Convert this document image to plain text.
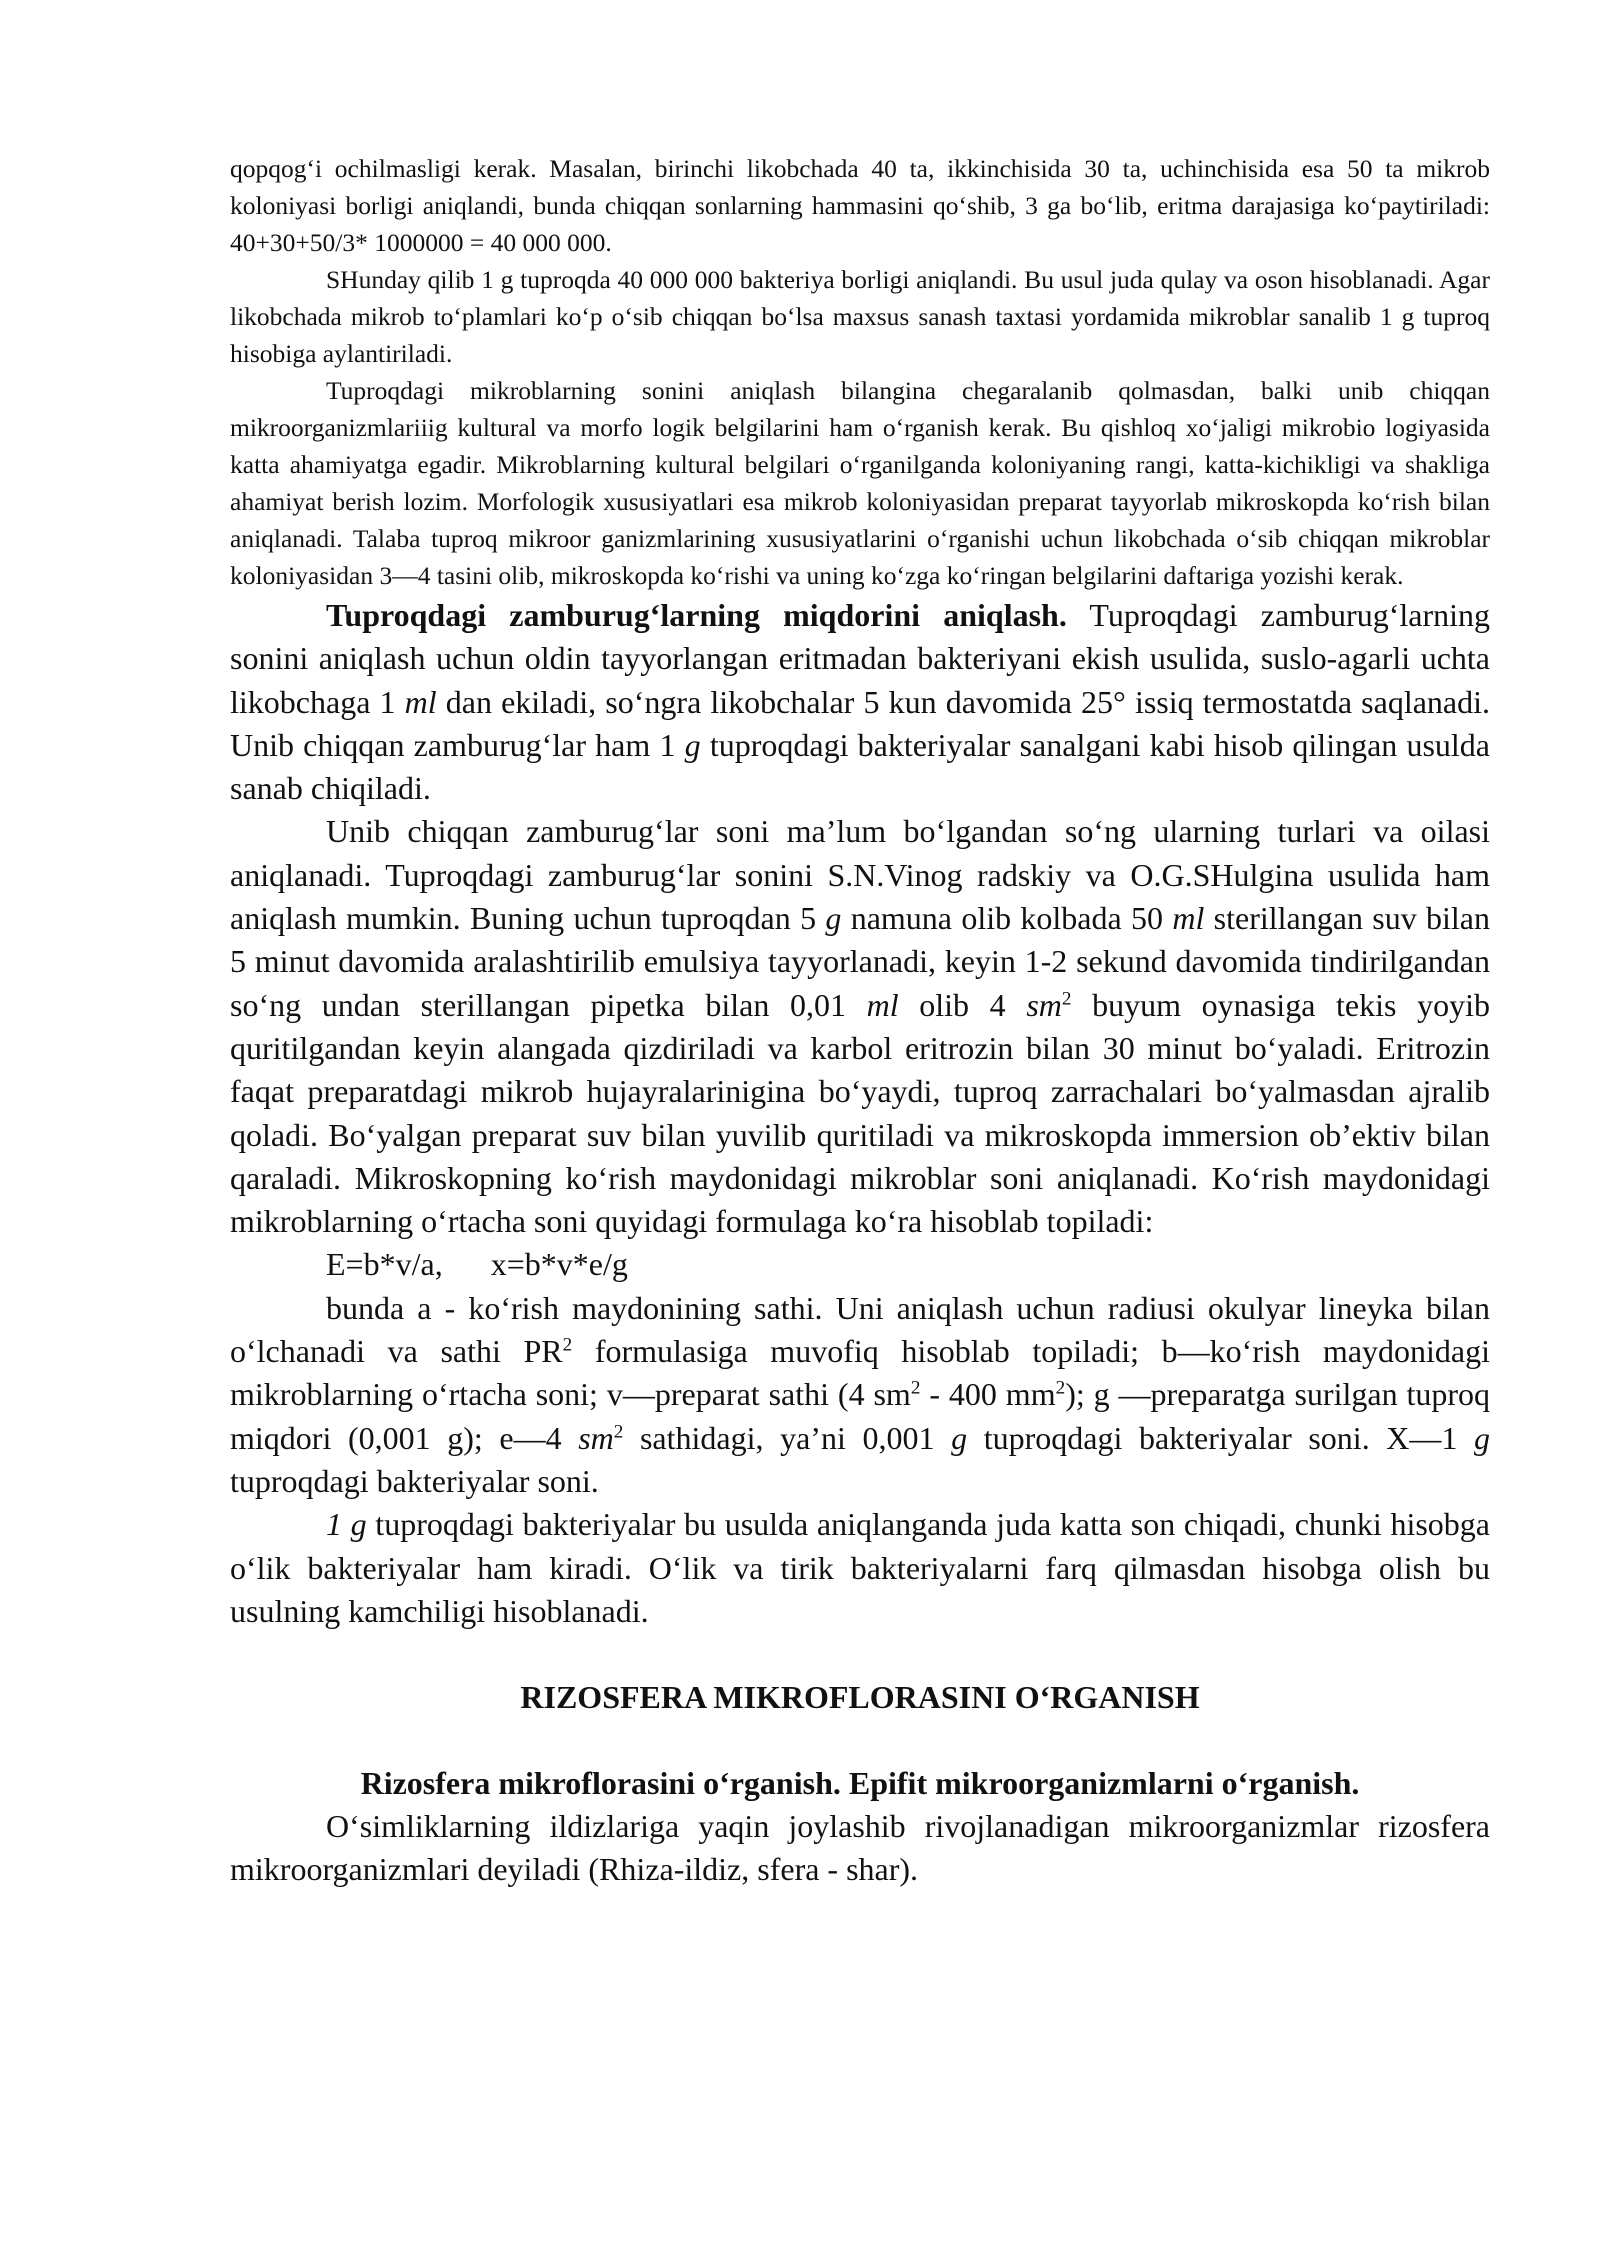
qopqog‘i ochilmasligi kerak. Masalan, birinchi likobchada 40 ta, ikkinchisida 30 ta, uchinchisida esa 50 ta mikrob koloniyasi borligi aniqlandi, bunda chiqqan sonlarning hammasini qo‘shib, 3 ga bo‘lib, eritma darajasiga ko‘paytiriladi: 40+30+50/3* 1000000 = 40 000 000.

SHunday qilib 1 g tuproqda 40 000 000 bakteriya borligi aniqlandi. Bu usul juda qulay va oson hisoblanadi. Agar likobchada mikrob to‘plamlari ko‘p o‘sib chiqqan bo‘lsa maxsus sanash taxtasi yordamida mikroblar sanalib 1 g tuproq hisobiga aylantiriladi.

Tuproqdagi mikroblarning sonini aniqlash bilangina chegaralanib qolmasdan, balki unib chiqqan mikroorganizmlariiig kultural va morfo logik belgilarini ham o‘rganish kerak. Bu qishloq xo‘jaligi mikrobio logiyasida katta ahamiyatga egadir. Mikroblarning kultural belgilari o‘rganilganda koloniyaning rangi, katta-kichikligi va shakliga ahamiyat berish lozim. Morfologik xususiyatlari esa mikrob koloniyasidan preparat tayyorlab mikroskopda ko‘rish bilan aniqlanadi. Talaba tuproq mikroor ganizmlarining xususiyatlarini o‘rganishi uchun likobchada o‘sib chiqqan mikroblar koloniyasidan 3—4 tasini olib, mikroskopda ko‘rishi va uning ko‘zga ko‘ringan belgilarini daftariga yozishi kerak.

Tuproqdagi zamburug‘larning miqdorini aniqlash. Tuproqdagi zamburug‘larning sonini aniqlash uchun oldin tayyorlangan eritmadan bakteriyani ekish usulida, suslo-agarli uchta likobchaga 1 ml dan ekiladi, so‘ngra likobchalar 5 kun davomida 25° issiq termostatda saqlanadi. Unib chiqqan zamburug‘lar ham 1 g tuproqdagi bakteriyalar sanalgani kabi hisob qilingan usulda sanab chiqiladi.

Unib chiqqan zamburug‘lar soni ma’lum bo‘lgandan so‘ng ularning turlari va oilasi aniqlanadi. Tuproqdagi zamburug‘lar sonini S.N.Vinog radskiy va O.G.SHulgina usulida ham aniqlash mumkin. Buning uchun tuproqdan 5 g namuna olib kolbada 50 ml sterillangan suv bilan 5 minut davomida aralashtirilib emulsiya tayyorlanadi, keyin 1-2 sekund davomida tindirilgandan so‘ng undan sterillangan pipetka bilan 0,01 ml olib 4 $sm^2$ buyum oynasiga tekis yoyib quritilgandan keyin alangada qizdiriladi va karbol eritrozin bilan 30 minut bo‘yaladi. Eritrozin faqat preparatdagi mikrob hujayralarinigina bo‘yaydi, tuproq zarrachalari bo‘yalmasdan ajralib qoladi. Bo‘yalgan preparat suv bilan yuvilib quritiladi va mikroskopda immersion ob’ektiv bilan qaraladi. Mikroskopning ko‘rish maydonidagi mikroblar soni aniqlanadi. Ko‘rish maydonidagi mikroblarning o‘rtacha soni quyidagi formulaga ko‘ra hisoblab topiladi:

E=b*v/a,      x=b*v*e/g

bunda a - ko‘rish maydonining sathi. Uni aniqlash uchun radiusi okulyar lineyka bilan o‘lchanadi va sathi $PR^2$ formulasiga muvofiq hisoblab topiladi; b—ko‘rish maydonidagi mikroblarning o‘rtacha soni; v—preparat sathi (4 $sm^2 - 400$ $mm^2$); g —preparatga surilgan tuproq miqdori (0,001 g); e—4 $sm^2$ sathidagi, ya’ni 0,001 g tuproqdagi bakteriyalar soni. X—1 g tuproqdagi bakteriyalar soni.

1 g tuproqdagi bakteriyalar bu usulda aniqlanganda juda katta son chiqadi, chunki hisobga o‘lik bakteriyalar ham kiradi. O‘lik va tirik bakteriyalarni farq qilmasdan hisobga olish bu usulning kamchiligi hisoblanadi.

RIZOSFERA MIKROFLORASINI O‘RGANISH

Rizosfera mikroflorasini o‘rganish. Epifit mikroorganizmlarni o‘rganish.

O‘simliklarning ildizlariga yaqin joylashib rivojlanadigan mikroorganizmlar rizosfera mikroorganizmlari deyiladi (Rhiza-ildiz, sfera - shar).
